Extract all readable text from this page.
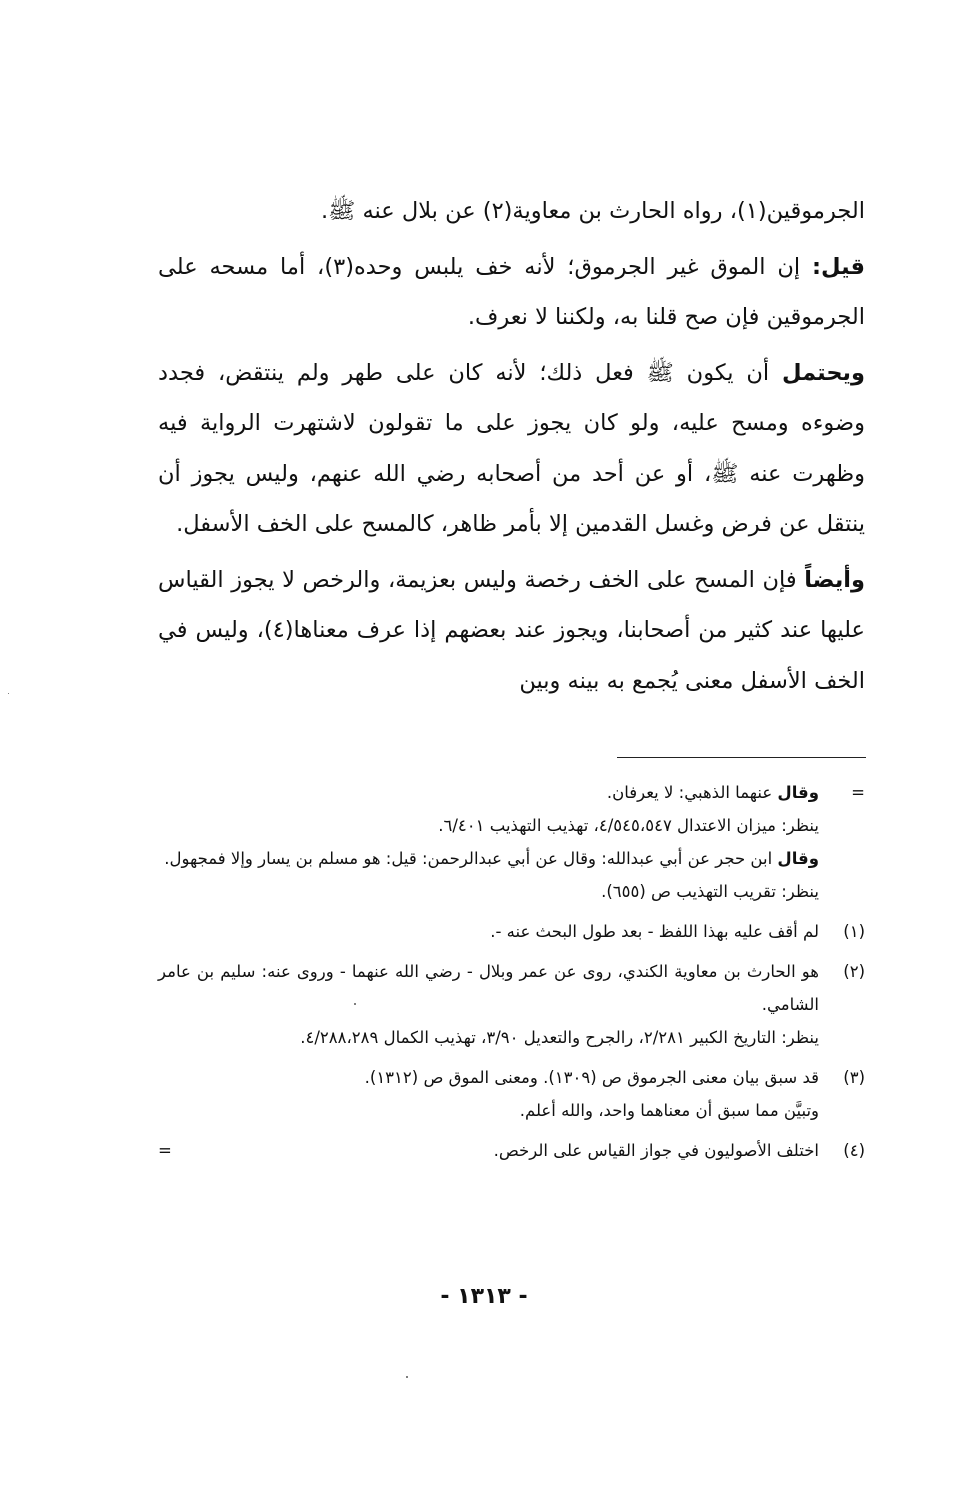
الجرموقين(١)، رواه الحارث بن معاوية(٢) عن بلال عنه ﷺ.

قيل: إن الموق غير الجرموق؛ لأنه خف يلبس وحده(٣)، أما مسحه على الجرموقين فإن صح قلنا به، ولكننا لا نعرف.

ويحتمل أن يكون ﷺ فعل ذلك؛ لأنه كان على طهر ولم ينتقض، فجدد وضوءه ومسح عليه، ولو كان يجوز على ما تقولون لاشتهرت الرواية فيه وظهرت عنه ﷺ، أو عن أحد من أصحابه رضي الله عنهم، وليس يجوز أن ينتقل عن فرض وغسل القدمين إلا بأمر ظاهر، كالمسح على الخف الأسفل.

وأيضاً فإن المسح على الخف رخصة وليس بعزيمة، والرخص لا يجوز القياس عليها عند كثير من أصحابنا، ويجوز عند بعضهم إذا عرف معناها(٤)، وليس في الخف الأسفل معنى يُجمع به بينه وبين

=
وقال عنهما الذهبي: لا يعرفان.
ينظر: ميزان الاعتدال ٤/٥٤٥،٥٤٧، تهذيب التهذيب ٦/٤٠١.
وقال ابن حجر عن أبي عبدالله: وقال عن أبي عبدالرحمن: قيل: هو مسلم بن يسار وإلا فمجهول.
ينظر: تقريب التهذيب ص (٦٥٥).
(١)
لم أقف عليه بهذا اللفظ - بعد طول البحث عنه -.
(٢)
هو الحارث بن معاوية الكندي، روى عن عمر وبلال - رضي الله عنهما - وروى عنه: سليم بن عامر الشامي.
ينظر: التاريخ الكبير ٢/٢٨١، رالجرح والتعديل ٣/٩٠، تهذيب الكمال ٤/٢٨٨،٢٨٩.
(٣)
قد سبق بيان معنى الجرموق ص (١٣٠٩). ومعنى الموق ص (١٣١٢).
وتبيَّن مما سبق أن معناهما واحد، والله أعلم.
(٤)
اختلف الأصوليون في جواز القياس على الرخص.
=
- ١٣١٣ -
